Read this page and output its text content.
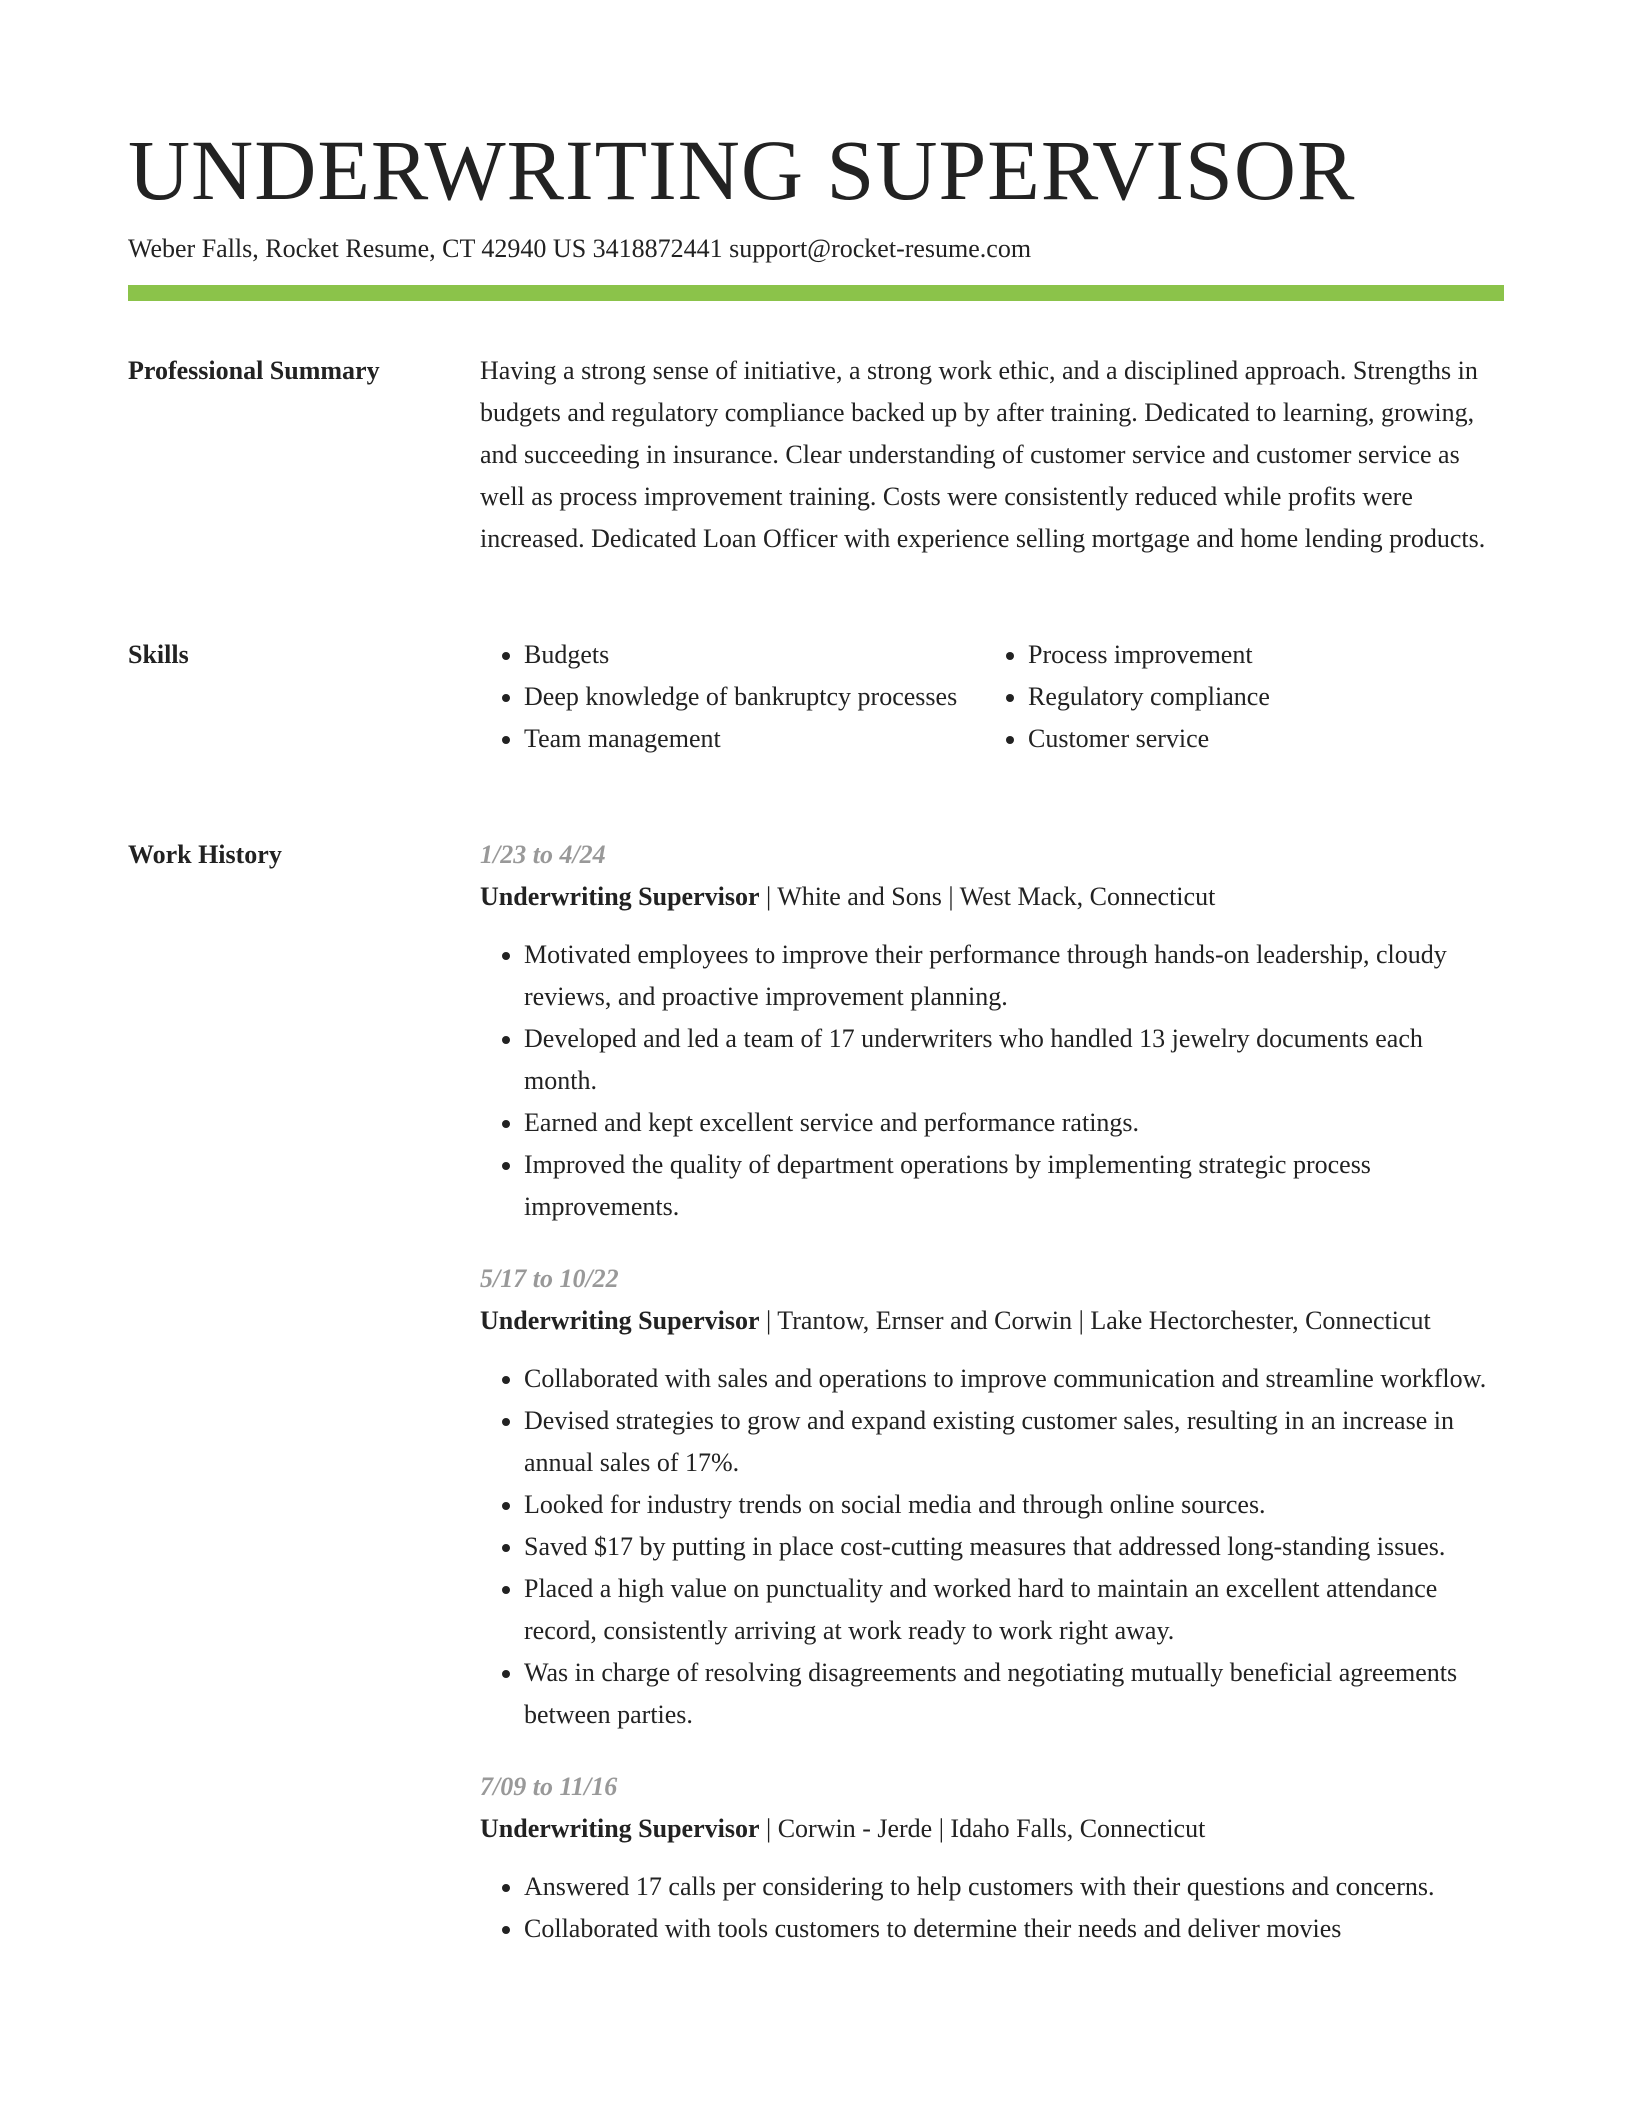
UNDERWRITING SUPERVISOR

Weber Falls, Rocket Resume, CT 42940 US 3418872441 support@rocket-resume.com

Professional Summary	Having a strong sense of initiative, a strong work ethic, and a disciplined approach. Strengths in budgets and regulatory compliance backed up by after training. Dedicated to learning, growing, and succeeding in insurance. Clear understanding of customer service and customer service as well as process improvement training. Costs were consistently reduced while profits were increased. Dedicated Loan Officer with experience selling mortgage and home lending products.

Skills
•	Budgets
• Deep knowledge of bankruptcy processes
• Team management
• Process improvement
• Regulatory compliance
• Customer service
Work History	1/23 to 4/24
Underwriting Supervisor | White and Sons | West Mack, Connecticut
• Motivated employees to improve their performance through hands-on leadership, cloudy reviews, and proactive improvement planning.
• Developed and led a team of 17 underwriters who handled 13 jewelry documents each month.
• Earned and kept excellent service and performance ratings.
• Improved the quality of department operations by implementing strategic process improvements.
5/17 to 10/22
Underwriting Supervisor | Trantow, Ernser and Corwin | Lake Hectorchester, Connecticut
• Collaborated with sales and operations to improve communication and streamline workflow.
• Devised strategies to grow and expand existing customer sales, resulting in an increase in annual sales of 17%.
• Looked for industry trends on social media and through online sources.
• Saved $17 by putting in place cost-cutting measures that addressed long-standing issues.
• Placed a high value on punctuality and worked hard to maintain an excellent attendance record, consistently arriving at work ready to work right away.
• Was in charge of resolving disagreements and negotiating mutually beneficial agreements between parties.
7/09 to 11/16
Underwriting Supervisor | Corwin - Jerde | Idaho Falls, Connecticut
• Answered 17 calls per considering to help customers with their questions and concerns.
• Collaborated with tools customers to determine their needs and deliver movies
